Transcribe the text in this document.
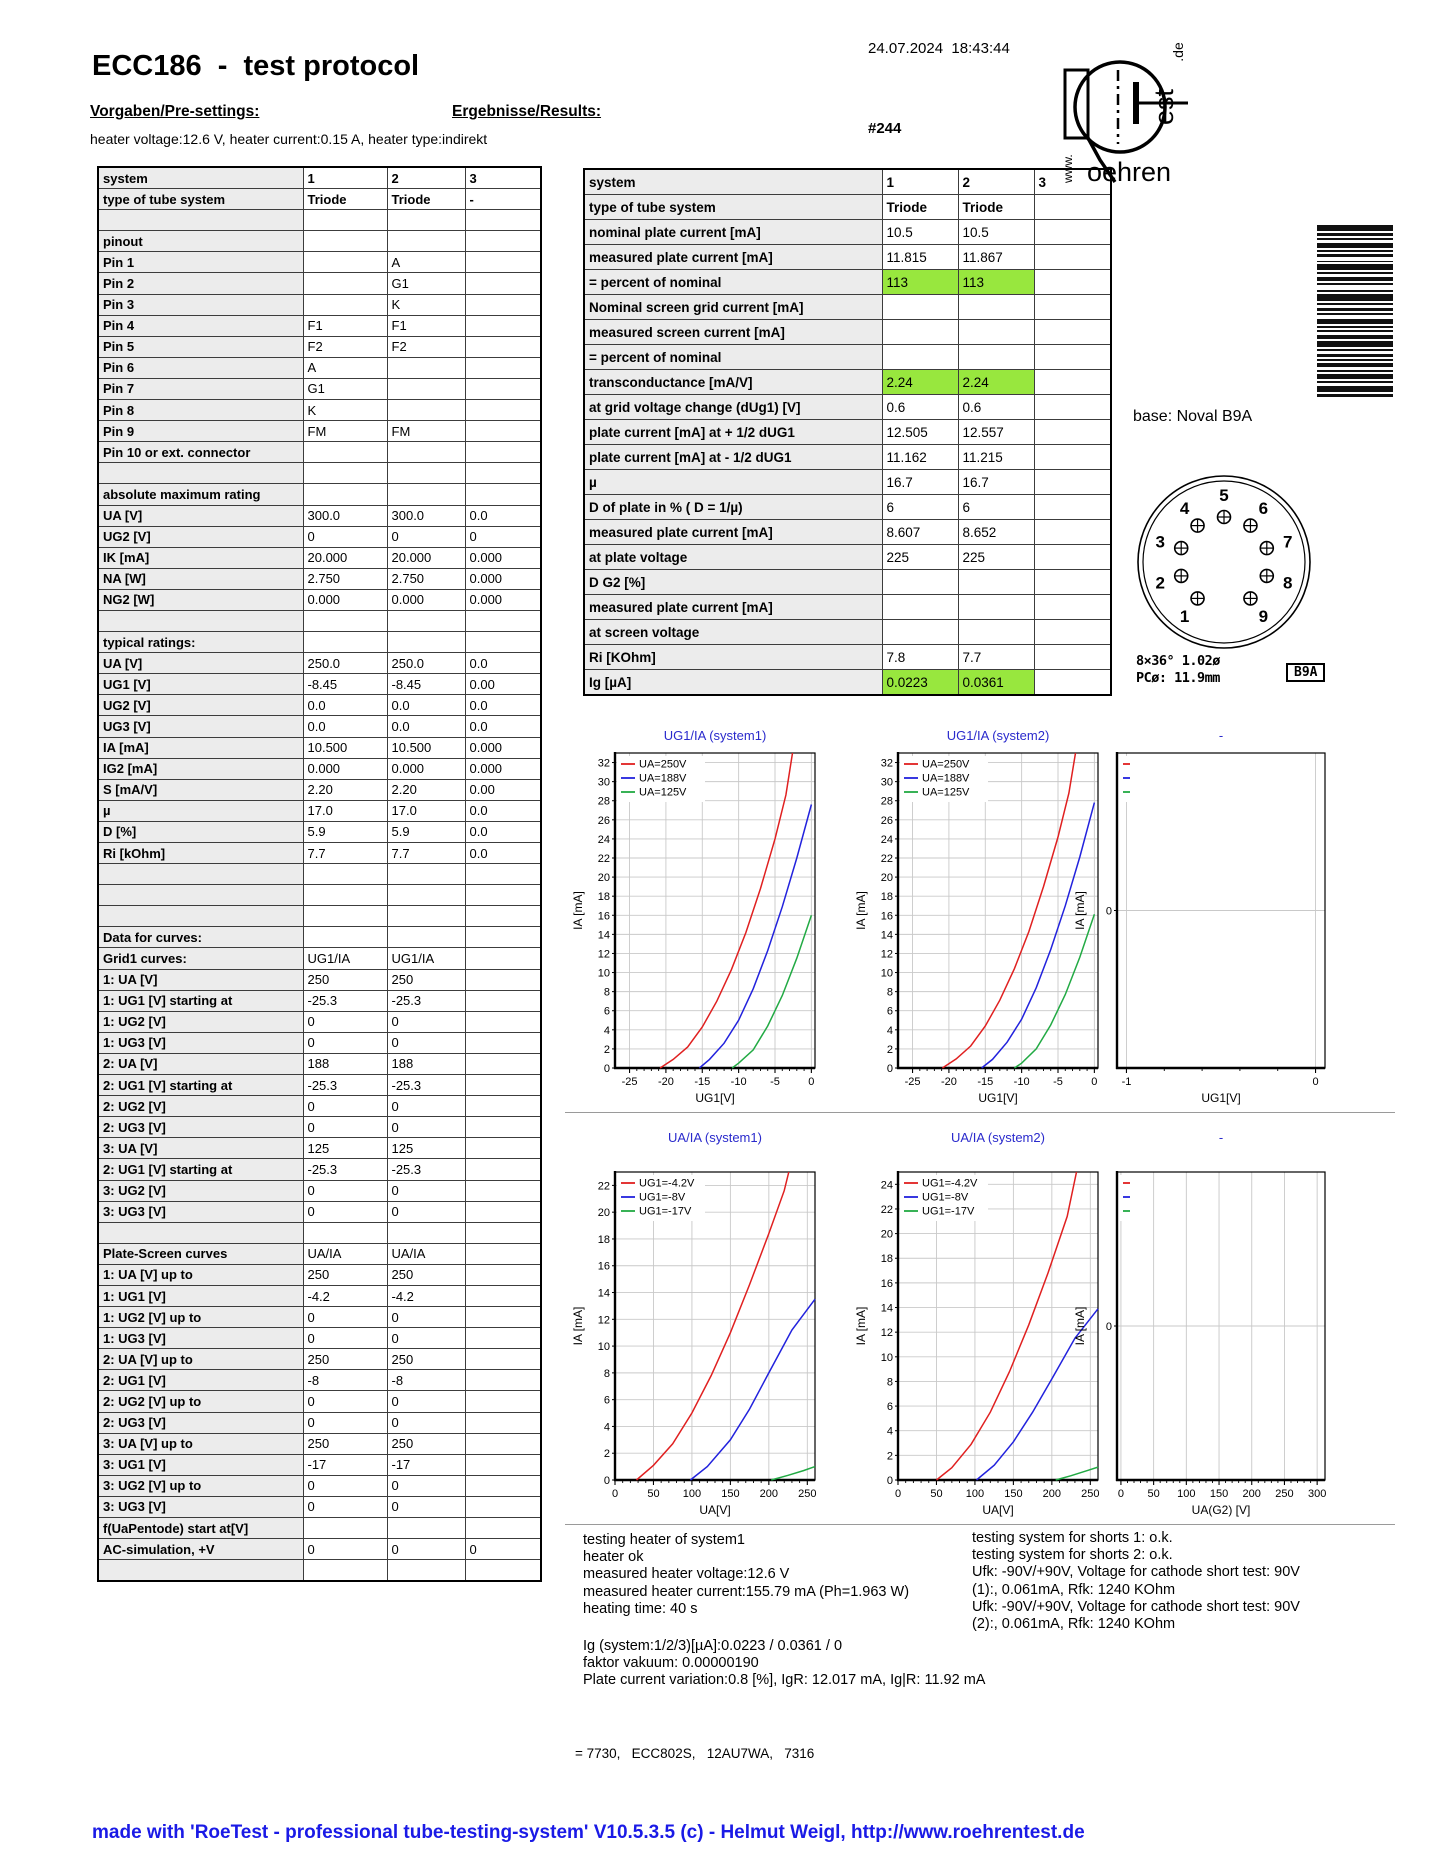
ECC186  -  test protocol
24.07.2024  18:43:44
#244
Vorgaben/Pre-settings:	Ergebnisse/Results:
heater voltage:12.6 V, heater current:0.15 A, heater type:indirekt
www. oehren
est
.de
base: Noval B9A
1
2
3
4
5
6
7
8
9
8×36° 1.02ø
PCø: 11.9mm	B9A
system	1	2	3
type of tube system	Triode	Triode	-

pinout			
Pin 1		A	
Pin 2		G1	
Pin 3		K	
Pin 4	F1	F1	
Pin 5	F2	F2	
Pin 6	A		
Pin 7	G1		
Pin 8	K		
Pin 9	FM	FM	
Pin 10 or ext. connector			

absolute maximum rating			
UA [V]	300.0	300.0	0.0
UG2 [V]	0	0	0
IK [mA]	20.000	20.000	0.000
NA [W]	2.750	2.750	0.000
NG2 [W]	0.000	0.000	0.000

typical ratings:			
UA [V]	250.0	250.0	0.0
UG1 [V]	-8.45	-8.45	0.00
UG2 [V]	0.0	0.0	0.0
UG3 [V]	0.0	0.0	0.0
IA [mA]	10.500	10.500	0.000
IG2 [mA]	0.000	0.000	0.000
S [mA/V]	2.20	2.20	0.00
µ	17.0	17.0	0.0
D [%]	5.9	5.9	0.0
Ri [kOhm]	7.7	7.7	0.0

Data for curves:			
Grid1 curves:	UG1/IA	UG1/IA	
1: UA [V]	250	250	
1: UG1 [V] starting at	-25.3	-25.3	
1: UG2 [V]	0	0	
1: UG3 [V]	0	0	
2: UA [V]	188	188	
2: UG1 [V] starting at	-25.3	-25.3	
2: UG2 [V]	0	0	
2: UG3 [V]	0	0	
3: UA [V]	125	125	
2: UG1 [V] starting at	-25.3	-25.3	
3: UG2 [V]	0	0	
3: UG3 [V]	0	0	

Plate-Screen curves	UA/IA	UA/IA	
1: UA [V] up to	250	250	
1: UG1 [V]	-4.2	-4.2	
1: UG2 [V] up to	0	0	
1: UG3 [V]	0	0	
2: UA [V] up to	250	250	
2: UG1 [V]	-8	-8	
2: UG2 [V] up to	0	0	
2: UG3 [V]	0	0	
3: UA [V] up to	250	250	
3: UG1 [V]	-17	-17	
3: UG2 [V] up to	0	0	
3: UG3 [V]	0	0	
f(UaPentode) start at[V]			
AC-simulation, +V	0	0	0

system	1	2	3
type of tube system	Triode	Triode	
nominal plate current [mA]	10.5	10.5	
measured plate current [mA]	11.815	11.867	
= percent of nominal	113	113	
Nominal screen grid current [mA]			
measured screen current [mA]			
= percent of nominal			
transconductance [mA/V]	2.24	2.24	
at grid voltage change (dUg1) [V]	0.6	0.6	
plate current [mA] at + 1/2 dUG1	12.505	12.557	
plate current [mA] at - 1/2 dUG1	11.162	11.215	
µ	16.7	16.7	
D of plate in % ( D = 1/µ)	6	6	
measured plate current [mA]	8.607	8.652	
at plate voltage	225	225	
D G2 [%]			
measured plate current [mA]			
at screen voltage			
Ri [KOhm]	7.8	7.7	
Ig [µA]	0.0223	0.0361	
UG1/IA (system1)
-25 -20 -15 -10 -5	0
0
2
4
6
8
10
12
14
16
18
20
22
24
26
28
30
32
UG1[V]
IA [mA]
UA=250V
UA=188V
UA=125V
UG1/IA (system2)
-25 -20 -15 -10 -5	0
0
2
4
6
8
10
12
14
16
18
20
22
24
26
28
30
32
UG1[V]
IA [mA]
UA=250V
UA=188V
UA=125V
-
-1	0
0
UG1[V]
IA [mA]
UA/IA (system1)
0	50 100 150 200 250
0
2
4
6
8
10
12
14
16
18
20
22
UA[V]
IA [mA]
UG1=-4.2V
UG1=-8V
UG1=-17V
UA/IA (system2)
0	50 100 150 200 250
0
2
4
6
8
10
12
14
16
18
20
22
24
UA[V]
IA [mA]
UG1=-4.2V
UG1=-8V
UG1=-17V
-
0 50 100 150 200 250 300
0
UA(G2) [V]
IA [mA]
testing heater of system1
heater ok
measured heater voltage:12.6 V
measured heater current:155.79 mA (Ph=1.963 W)
heating time: 40 s
testing system for shorts 1: o.k.
testing system for shorts 2: o.k.
Ufk: -90V/+90V, Voltage for cathode short test: 90V
(1):, 0.061mA, Rfk: 1240 KOhm
Ufk: -90V/+90V, Voltage for cathode short test: 90V
(2):, 0.061mA, Rfk: 1240 KOhm
Ig (system:1/2/3)[µA]:0.0223 / 0.0361 / 0
faktor vakuum: 0.00000190
Plate current variation:0.8 [%], IgR: 12.017 mA, Ig|R: 11.92 mA
= 7730,   ECC802S,   12AU7WA,   7316
made with 'RoeTest - professional tube-testing-system' V10.5.3.5 (c) - Helmut Weigl, http://www.roehrentest.de
